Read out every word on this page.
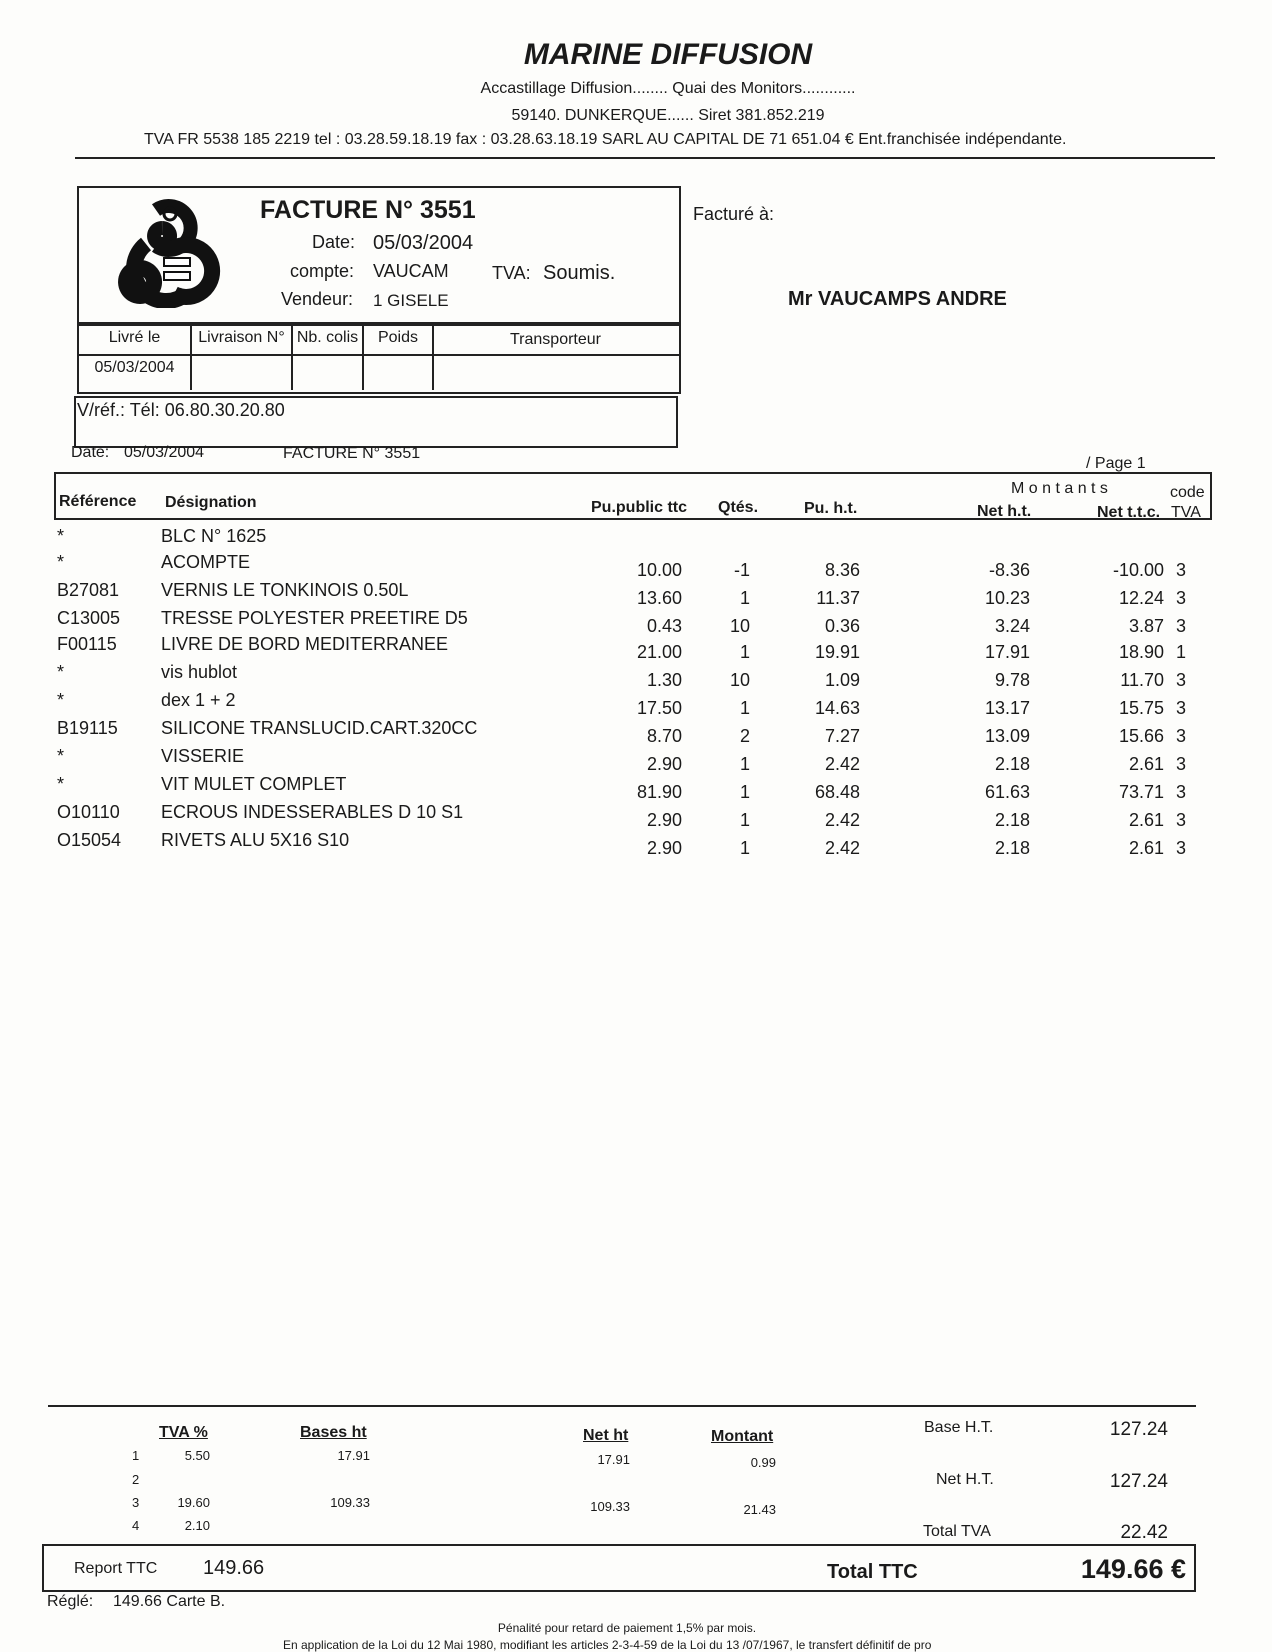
MARINE DIFFUSION
Accastillage Diffusion........ Quai des Monitors............
59140. DUNKERQUE...... Siret 381.852.219
TVA FR 5538 185 2219 tel : 03.28.59.18.19 fax : 03.28.63.18.19 SARL AU CAPITAL DE 71 651.04 € Ent.franchisée indépendante.
FACTURE N° 3551
Date: 05/03/2004
compte: VAUCAM TVA: Soumis.
Vendeur: 1 GISELE
Facturé à:
Mr VAUCAMPS ANDRE
Livré le	Livraison N° Nb. colis	Poids	Transporteur
05/03/2004
V/réf.: Tél: 06.80.30.20.80
Date: 05/03/2004	FACTURE N° 3551
/ Page 1
Référence Désignation	Pu.public ttc Qtés.	Pu. h.t.
M o n t a n t s
Net h.t.	Net t.t.c.
code
TVA
*	BLC N° 1625
*	ACOMPTE	10.00	-1	8.36	-8.36	-10.00 3
B27081	VERNIS LE TONKINOIS 0.50L	13.60	1	11.37	10.23	12.24 3
C13005	TRESSE POLYESTER PREETIRE D5	0.43	10	0.36	3.24	3.87 3
F00115	LIVRE DE BORD MEDITERRANEE	21.00	1	19.91	17.91	18.90 1
*	vis hublot	1.30	10	1.09	9.78	11.70 3
*	dex 1 + 2	17.50	1	14.63	13.17	15.75 3
B19115	SILICONE TRANSLUCID.CART.320CC	8.70	2	7.27	13.09	15.66 3
*	VISSERIE	2.90	1	2.42	2.18	2.61 3
*	VIT MULET COMPLET	81.90	1	68.48	61.63	73.71 3
O10110	ECROUS INDESSERABLES D 10 S1	2.90	1	2.42	2.18	2.61 3
O15054	RIVETS ALU 5X16 S10	2.90	1	2.42	2.18	2.61 3
TVA %	Bases ht	Net ht	Montant
1	5.50	17.91	17.91	0.99
2
3	19.60	109.33	109.33	21.43
4	2.10
Base H.T.	127.24
Net H.T.	127.24
Total TVA	22.42
Report TTC 149.66	Total TTC	149.66 €
Réglé: 149.66 Carte B.
Pénalité pour retard de paiement 1,5% par mois.
En application de la Loi du 12 Mai 1980, modifiant les articles 2-3-4-59 de la Loi du 13 /07/1967, le transfert définitif de pro
